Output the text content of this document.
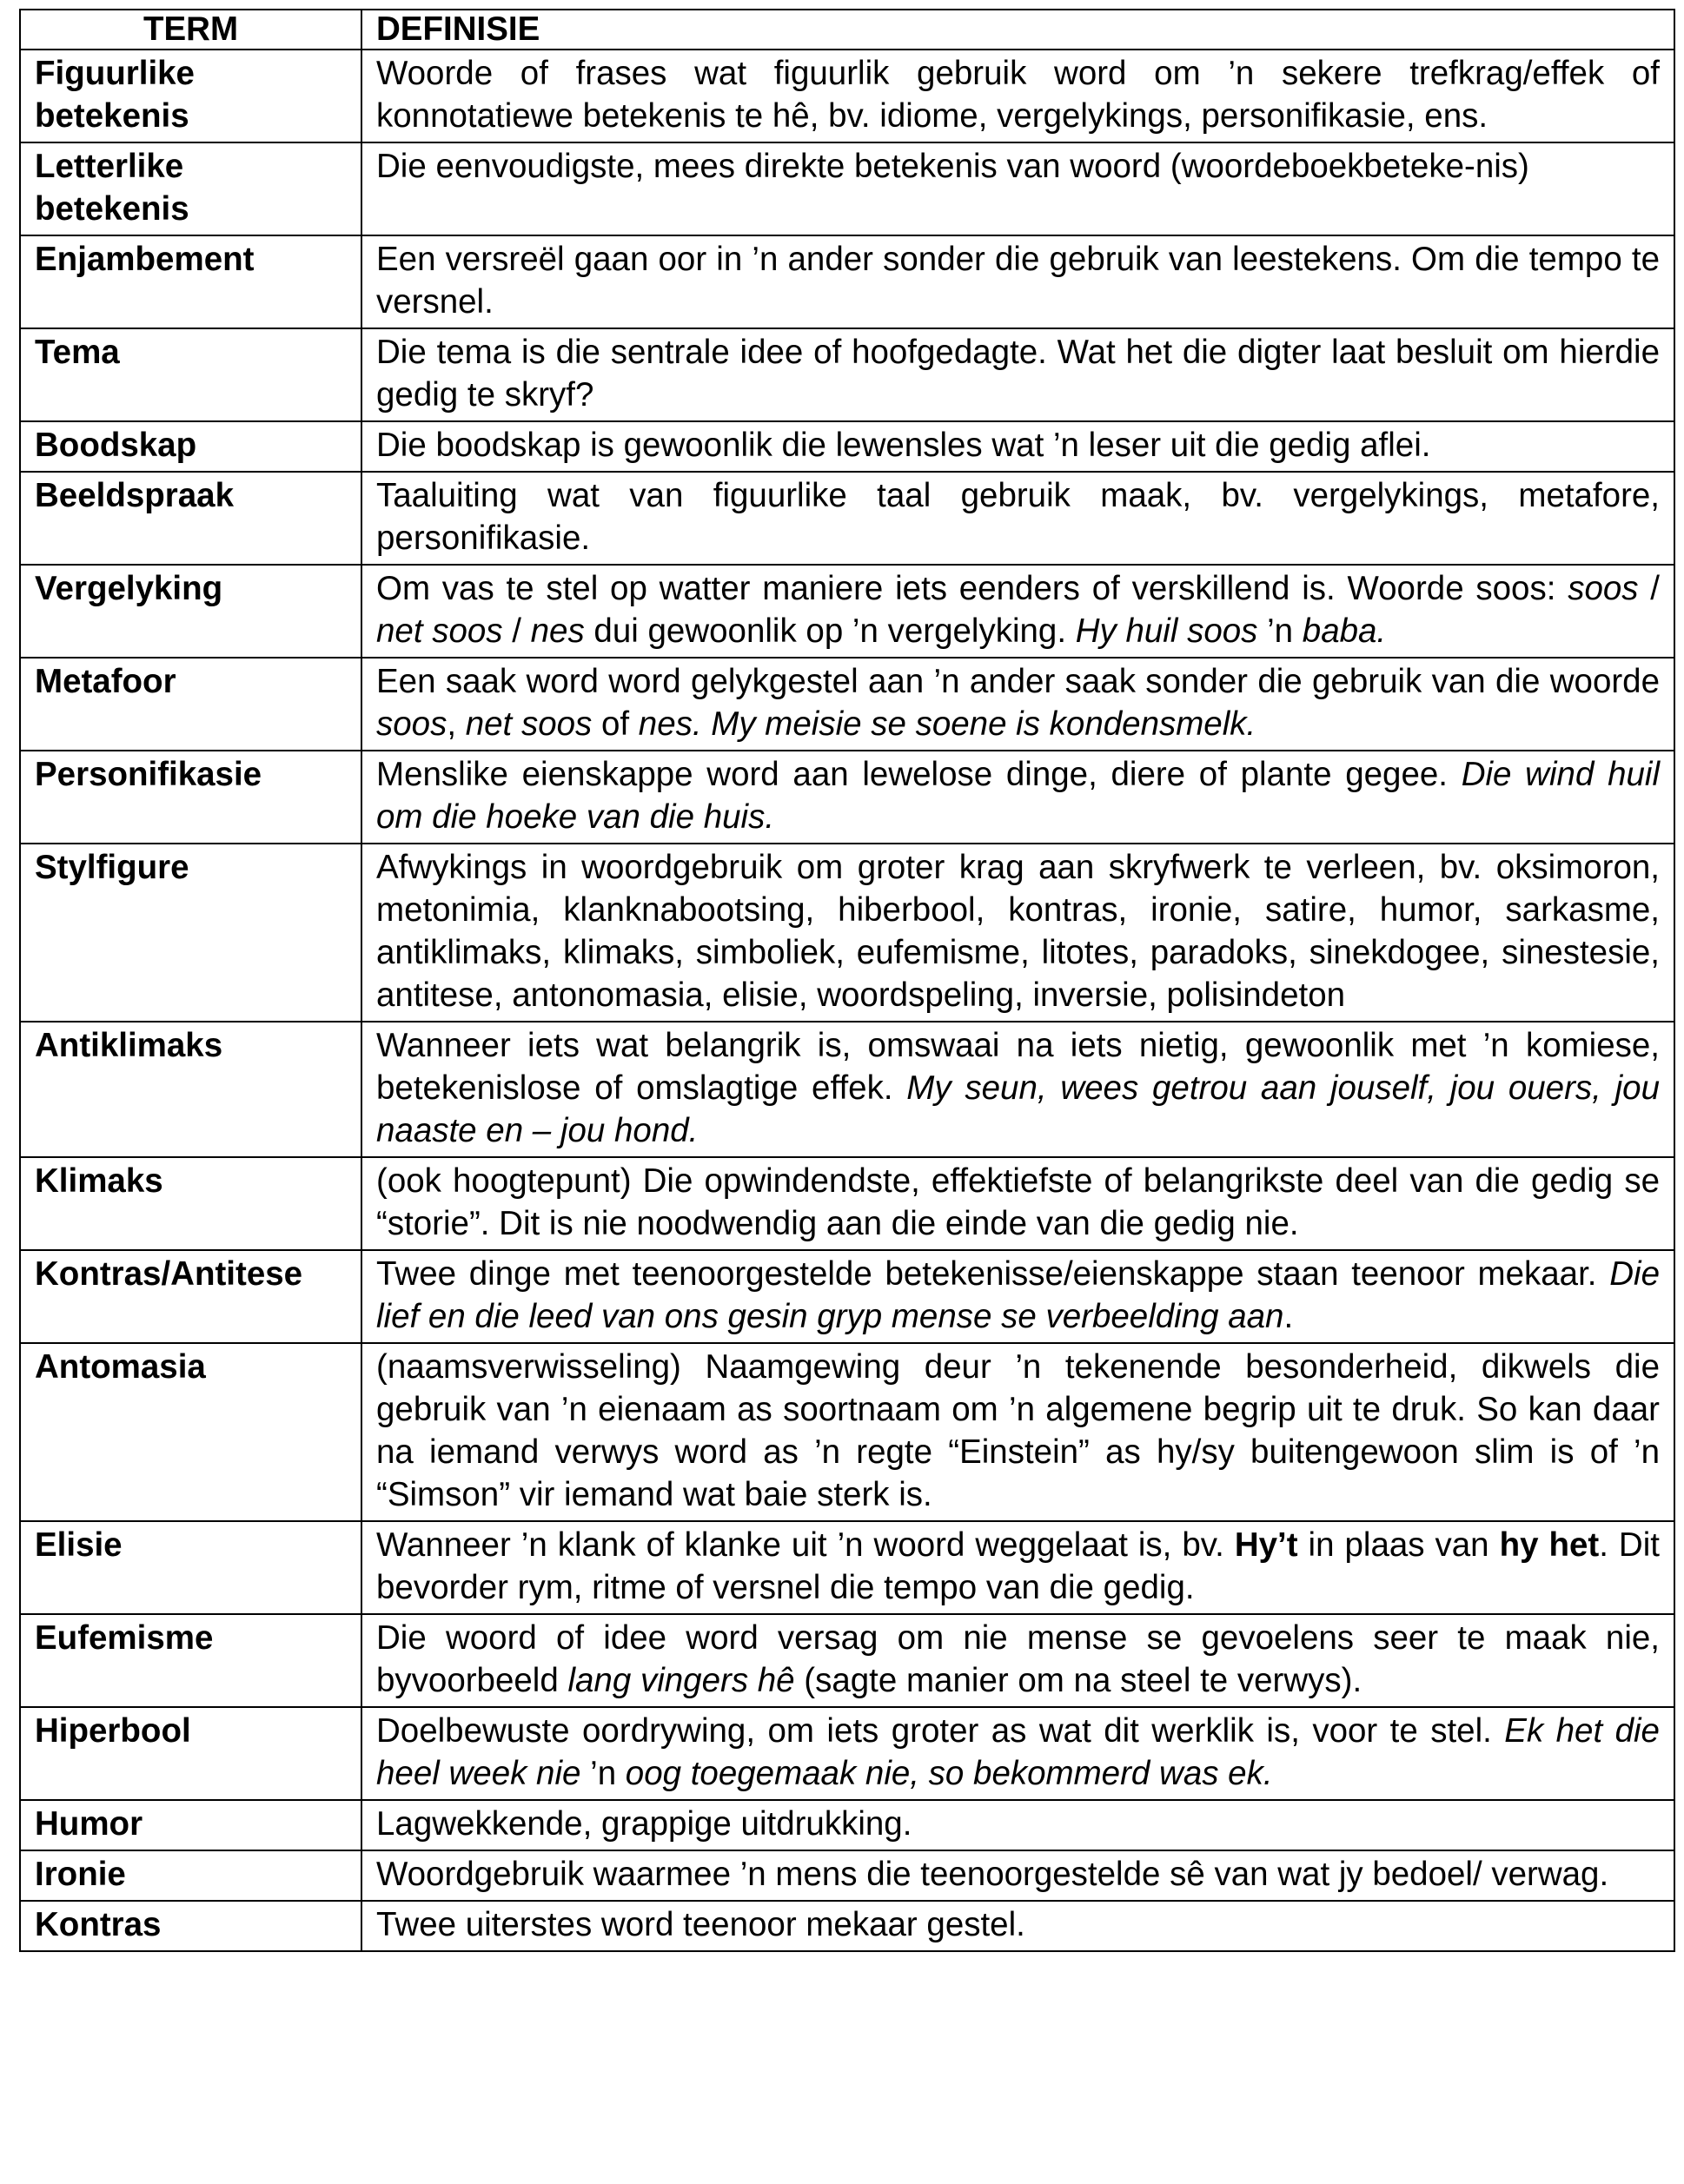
TERM	DEFINISIE
Figuurlike betekenis	Woorde of frases wat figuurlik gebruik word om ’n sekere trefkrag/effek of konnotatiewe betekenis te hê, bv. idiome, vergelykings, personifikasie, ens.
Letterlike betekenis	Die eenvoudigste, mees direkte betekenis van woord (woordeboekbeteke-nis)
Enjambement	Een versreël gaan oor in ’n ander sonder die gebruik van leestekens. Om die tempo te versnel.
Tema	Die tema is die sentrale idee of hoofgedagte. Wat het die digter laat besluit om hierdie gedig te skryf?
Boodskap	Die boodskap is gewoonlik die lewensles wat ’n leser uit die gedig aflei.
Beeldspraak	Taaluiting wat van figuurlike taal gebruik maak, bv. vergelykings, metafore, personifikasie.
Vergelyking	Om vas te stel op watter maniere iets eenders of verskillend is. Woorde soos: soos / net soos / nes dui gewoonlik op ’n vergelyking. Hy huil soos ’n baba.
Metafoor	Een saak word word gelykgestel aan ’n ander saak sonder die gebruik van die woorde soos, net soos of nes. My meisie se soene is kondensmelk.
Personifikasie	Menslike eienskappe word aan lewelose dinge, diere of plante gegee. Die wind huil om die hoeke van die huis.
Stylfigure	Afwykings in woordgebruik om groter krag aan skryfwerk te verleen, bv. oksimoron, metonimia, klanknabootsing, hiberbool, kontras, ironie, satire, humor, sarkasme, antiklimaks, klimaks, simboliek, eufemisme, litotes, paradoks, sinekdogee, sinestesie, antitese, antonomasia, elisie, woordspeling, inversie, polisindeton
Antiklimaks	Wanneer iets wat belangrik is, omswaai na iets nietig, gewoonlik met ’n komiese, betekenislose of omslagtige effek. My seun, wees getrou aan jouself, jou ouers, jou naaste en – jou hond.
Klimaks	(ook hoogtepunt) Die opwindendste, effektiefste of belangrikste deel van die gedig se “storie”. Dit is nie noodwendig aan die einde van die gedig nie.
Kontras/Antitese	Twee dinge met teenoorgestelde betekenisse/eienskappe staan teenoor mekaar. Die lief en die leed van ons gesin gryp mense se verbeelding aan.
Antomasia	(naamsverwisseling) Naamgewing deur ’n tekenende besonderheid, dikwels die gebruik van ’n eienaam as soortnaam om ’n algemene begrip uit te druk. So kan daar na iemand verwys word as ’n regte “Einstein” as hy/sy buitengewoon slim is of ’n “Simson” vir iemand wat baie sterk is.
Elisie	Wanneer ’n klank of klanke uit ’n woord weggelaat is, bv. Hy’t in plaas van hy het. Dit bevorder rym, ritme of versnel die tempo van die gedig.
Eufemisme	Die woord of idee word versag om nie mense se gevoelens seer te maak nie, byvoorbeeld lang vingers hê (sagte manier om na steel te verwys).
Hiperbool	Doelbewuste oordrywing, om iets groter as wat dit werklik is, voor te stel. Ek het die heel week nie ’n oog toegemaak nie, so bekommerd was ek.
Humor	Lagwekkende, grappige uitdrukking.
Ironie	Woordgebruik waarmee ’n mens die teenoorgestelde sê van wat jy bedoel/ verwag.
Kontras	Twee uiterstes word teenoor mekaar gestel.
